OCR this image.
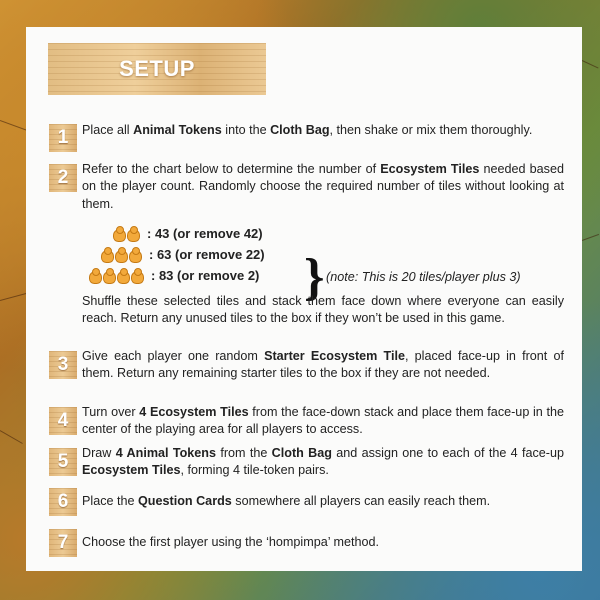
SETUP
1	Place all Animal Tokens into the Cloth Bag, then shake or mix them thoroughly.
2	Refer to the chart below to determine the number of Ecosystem Tiles needed based on the player count. Randomly choose the required number of tiles without looking at them.
: 43 (or remove 42)
: 63 (or remove 22)
: 83 (or remove 2) } (note: This is 20 tiles/player plus 3)
Shuffle these selected tiles and stack them face down where everyone can easily reach. Return any unused tiles to the box if they won’t be used in this game.
3	Give each player one random Starter Ecosystem Tile, placed face-up in front of them. Return any remaining starter tiles to the box if they are not needed.
4	Turn over 4 Ecosystem Tiles from the face-down stack and place them face-up in the center of the playing area for all players to access.
5	Draw 4 Animal Tokens from the Cloth Bag and assign one to each of the 4 face-up Ecosystem Tiles, forming 4 tile-token pairs.
6	Place the Question Cards somewhere all players can easily reach them.
7	Choose the first player using the ‘hompimpa’ method.
